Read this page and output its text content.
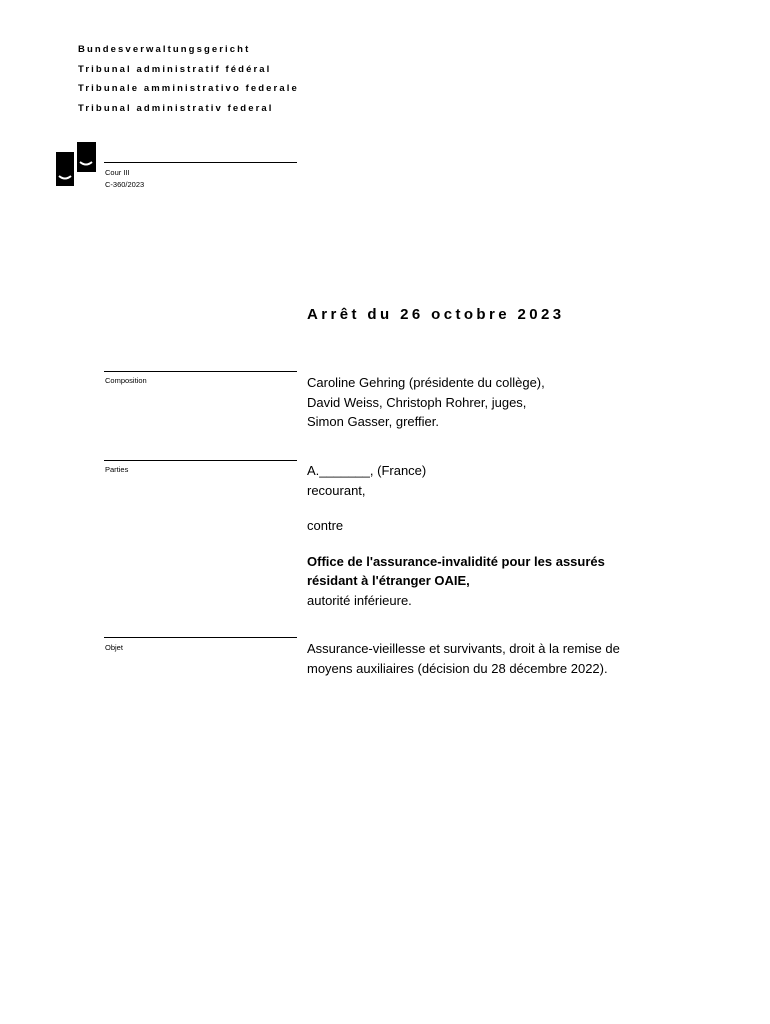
Bundesverwaltungsgericht
Tribunal administratif fédéral
Tribunale amministrativo federale
Tribunal administrativ federal
Cour III
C-360/2023
Arrêt du 26 octobre 2023
Composition	Caroline Gehring (présidente du collège),

David Weiss, Christoph Rohrer, juges,

Simon Gasser, greffier.

Parties	A._______, (France)

recourant,

contre

Office de l'assurance-invalidité pour les assurés

résidant à l'étranger OAIE,

autorité inférieure.

Objet	Assurance-vieillesse et survivants, droit à la remise de

moyens auxiliaires (décision du 28 décembre 2022).
